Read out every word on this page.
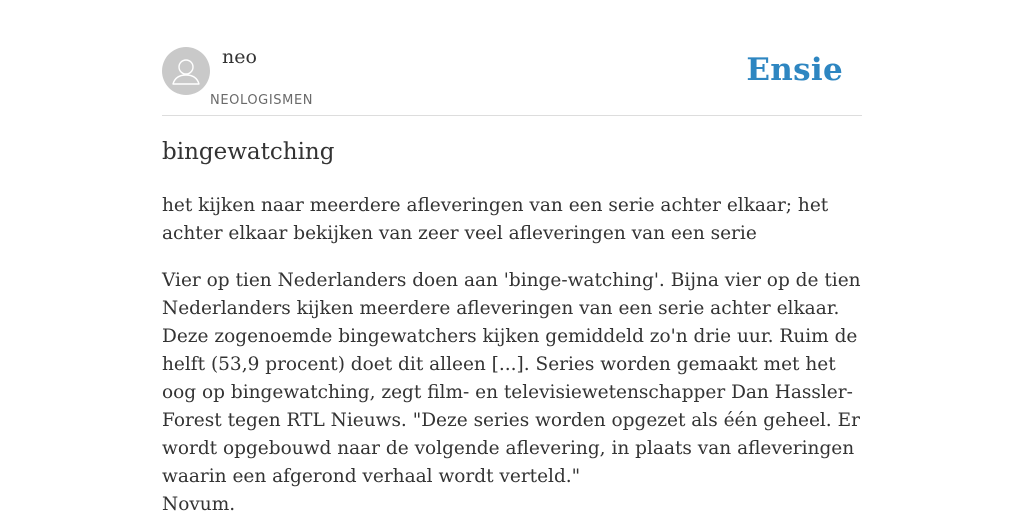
neo
NEOLOGISMEN
Ensie
bingewatching

het kijken naar meerdere afleveringen van een serie achter elkaar; het achter elkaar bekijken van zeer veel afleveringen van een serie

Vier op tien Nederlanders doen aan 'binge-watching'. Bijna vier op de tien Nederlanders kijken meerdere afleveringen van een serie achter elkaar. Deze zogenoemde bingewatchers kijken gemiddeld zo'n drie uur. Ruim de helft (53,9 procent) doet dit alleen [...]. Series worden gemaakt met het oog op bingewatching, zegt film- en televisiewetenschapper Dan Hassler-Forest tegen RTL Nieuws. "Deze series worden opgezet als één geheel. Er wordt opgebouwd naar de volgende aflevering, in plaats van afleveringen waarin een afgerond verhaal wordt verteld."

Novum.
